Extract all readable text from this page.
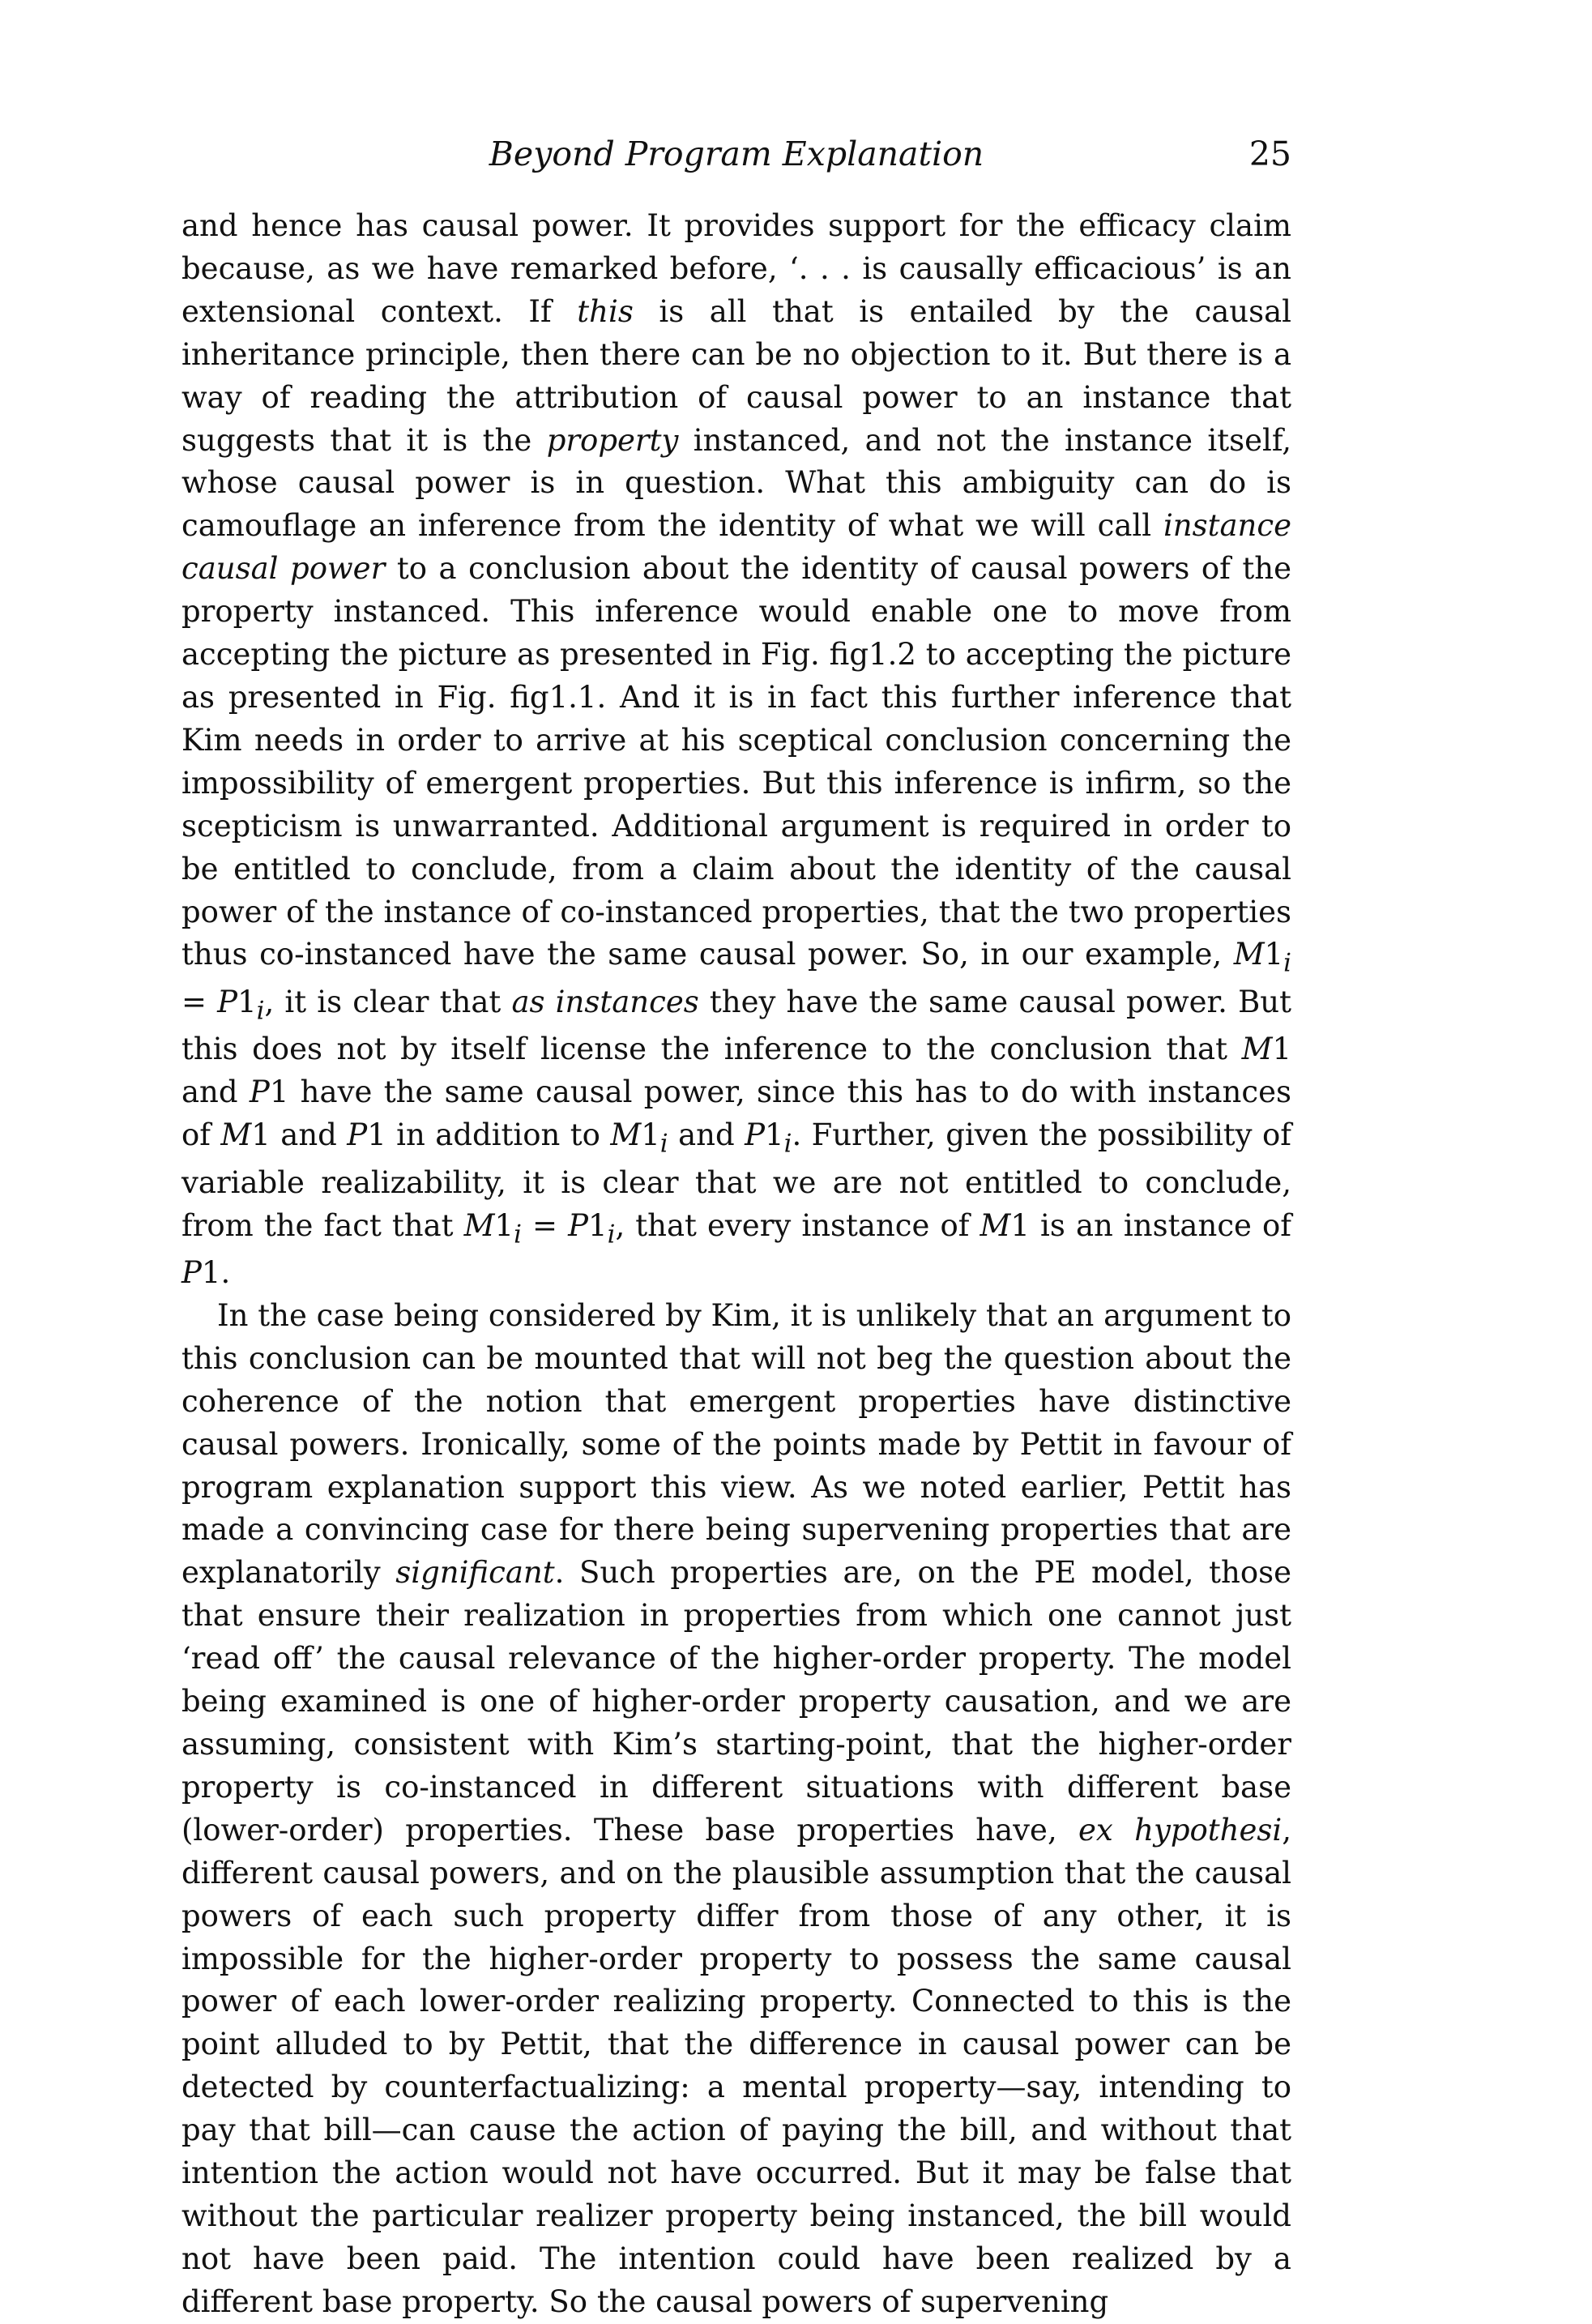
Beyond Program Explanation	25

and hence has causal power. It provides support for the efficacy claim because, as we have remarked before, ‘. . . is causally efficacious’ is an extensional context. If this is all that is entailed by the causal inheritance principle, then there can be no objection to it. But there is a way of reading the attribution of causal power to an instance that suggests that it is the property instanced, and not the instance itself, whose causal power is in question. What this ambiguity can do is camouflage an inference from the identity of what we will call instance causal power to a conclusion about the identity of causal powers of the property instanced. This inference would enable one to move from accepting the picture as presented in Fig. fig1.2 to accepting the picture as presented in Fig. fig1.1. And it is in fact this further inference that Kim needs in order to arrive at his sceptical conclusion concerning the impossibility of emergent properties. But this inference is infirm, so the scepticism is unwarranted. Additional argument is required in order to be entitled to conclude, from a claim about the identity of the causal power of the instance of co-instanced properties, that the two properties thus co-instanced have the same causal power. So, in our example, $M1_i = P1_i$, it is clear that as instances they have the same causal power. But this does not by itself license the inference to the conclusion that M1 and P1 have the same causal power, since this has to do with instances of M1 and P1 in addition to $M1_i$ and $P1_i$. Further, given the possibility of variable realizability, it is clear that we are not entitled to conclude, from the fact that $M1_i = P1_i$, that every instance of M1 is an instance of P1.

In the case being considered by Kim, it is unlikely that an argument to this conclusion can be mounted that will not beg the question about the coherence of the notion that emergent properties have distinctive causal powers. Ironically, some of the points made by Pettit in favour of program explanation support this view. As we noted earlier, Pettit has made a convincing case for there being supervening properties that are explanatorily significant. Such properties are, on the PE model, those that ensure their realization in properties from which one cannot just ‘read off’ the causal relevance of the higher-order property. The model being examined is one of higher-order property causation, and we are assuming, consistent with Kim’s starting-point, that the higher-order property is co-instanced in different situations with different base (lower-order) properties. These base properties have, ex hypothesi, different causal powers, and on the plausible assumption that the causal powers of each such property differ from those of any other, it is impossible for the higher-order property to possess the same causal power of each lower-order realizing property. Connected to this is the point alluded to by Pettit, that the difference in causal power can be detected by counterfactualizing: a mental property—say, intending to pay that bill—can cause the action of paying the bill, and without that intention the action would not have occurred. But it may be false that without the particular realizer property being instanced, the bill would not have been paid. The intention could have been realized by a different base property. So the causal powers of supervening
